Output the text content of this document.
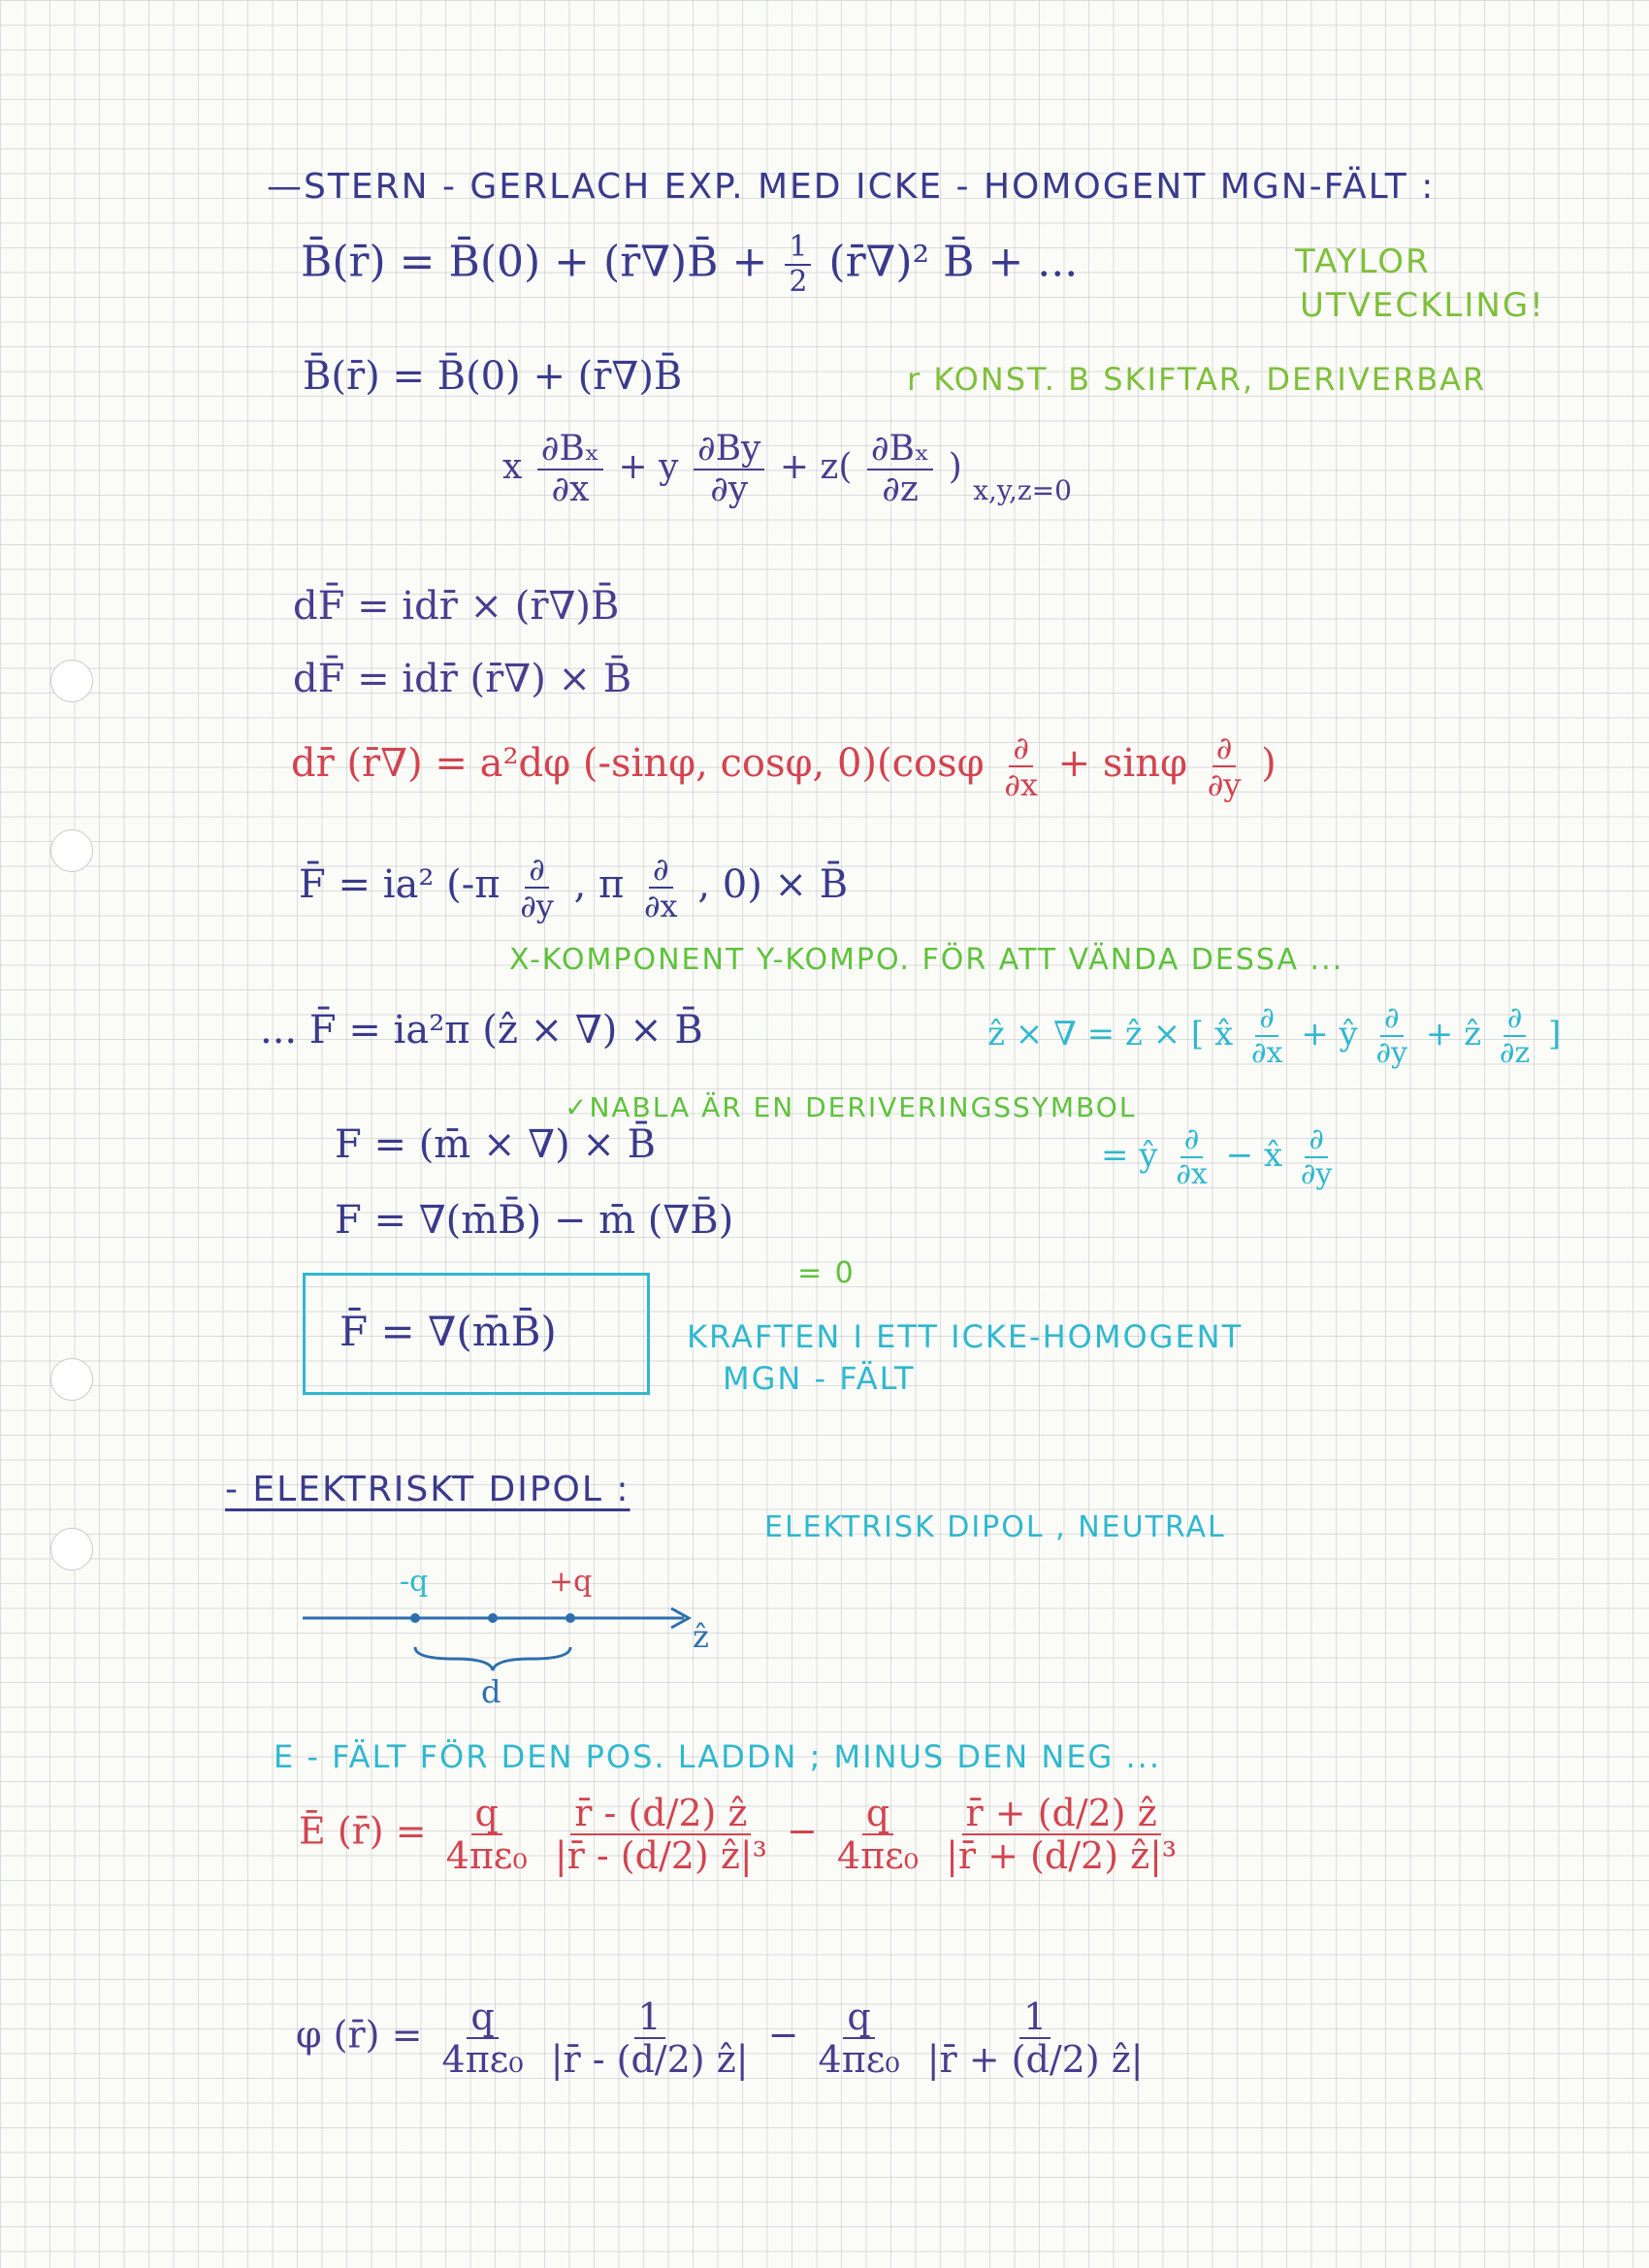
—STERN - GERLACH EXP. MED ICKE - HOMOGENT MGN-FÄLT :
B̄(r̄) = B̄(0) + (r̄∇)B̄ + $\frac{1}{2}$ (r̄∇)² B̄ + ...	TAYLOR
UTVECKLING!
B̄(r̄) = B̄(0) + (r̄∇)B̄	r KONST. B SKIFTAR, DERIVERBAR
x $\frac{\text{∂Bₓ}}{\partial x} + y \frac{\partial By}{\partial y} + z( \frac{\text{∂Bₓ}}{\partial z}$ ) $_{x,y,z=0}$
dF̄ = idr̄ × (r̄∇)B̄
dF̄ = idr̄ (r̄∇) × B̄
dr̄ (r̄∇) = a²dφ (-sinφ, cosφ, $0)(\cos\varphi \frac{\partial}{\partial x} + \sin\varphi \frac{\partial}{\partial y}$ )
F̄ = ia² ($-\pi \frac{\partial}{\partial y}$ , π $\frac{\partial}{\partial x}$ , 0) × B̄
X-KOMPONENT Y-KOMPO. FÖR ATT VÄNDA DESSA ...
... F̄ = ia²π (ẑ × ∇) × B̄	ẑ × ∇ = ẑ × [ x̂ $\frac{\partial}{\partial x}$ + ŷ $\frac{\partial}{\partial y}$ + ẑ $\frac{\partial}{\partial z}$ ]
✓NABLA ÄR EN DERIVERINGSSYMBOL
= ŷ $\frac{\partial}{\partial x}$ − x̂ $\frac{\partial}{\partial y}$
F = (m̄ × ∇) × B̄
F = ∇(m̄B̄) − m̄ (∇B̄)
= 0
F̄ = ∇(m̄B̄)	KRAFTEN I ETT ICKE-HOMOGENT
MGN - FÄLT
- ELEKTRISKT DIPOL :
ELEKTRISK DIPOL , NEUTRAL
-q	+q
ẑ
d
E - FÄLT FÖR DEN POS. LADDN ; MINUS DEN NEG ...
Ē (r̄) = $\frac{q}{\text{4πε₀}}$
$\frac{\text{r̄ - (d/2) ẑ}}{\text{|r̄ - (d/2) ẑ|³}} - \frac{q}{\text{4πε₀}}$
$\frac{\text{r̄ + (d/2) ẑ}}{\text{|r̄ + (d/2) ẑ|³}}$
φ (r̄) = $\frac{q}{\text{4πε₀}}$
$\frac{1}{\text{|r̄ - (d/2) ẑ|}} - \frac{q}{\text{4πε₀}}$
$\frac{1}{\text{|r̄ + (d/2) ẑ|}}$
